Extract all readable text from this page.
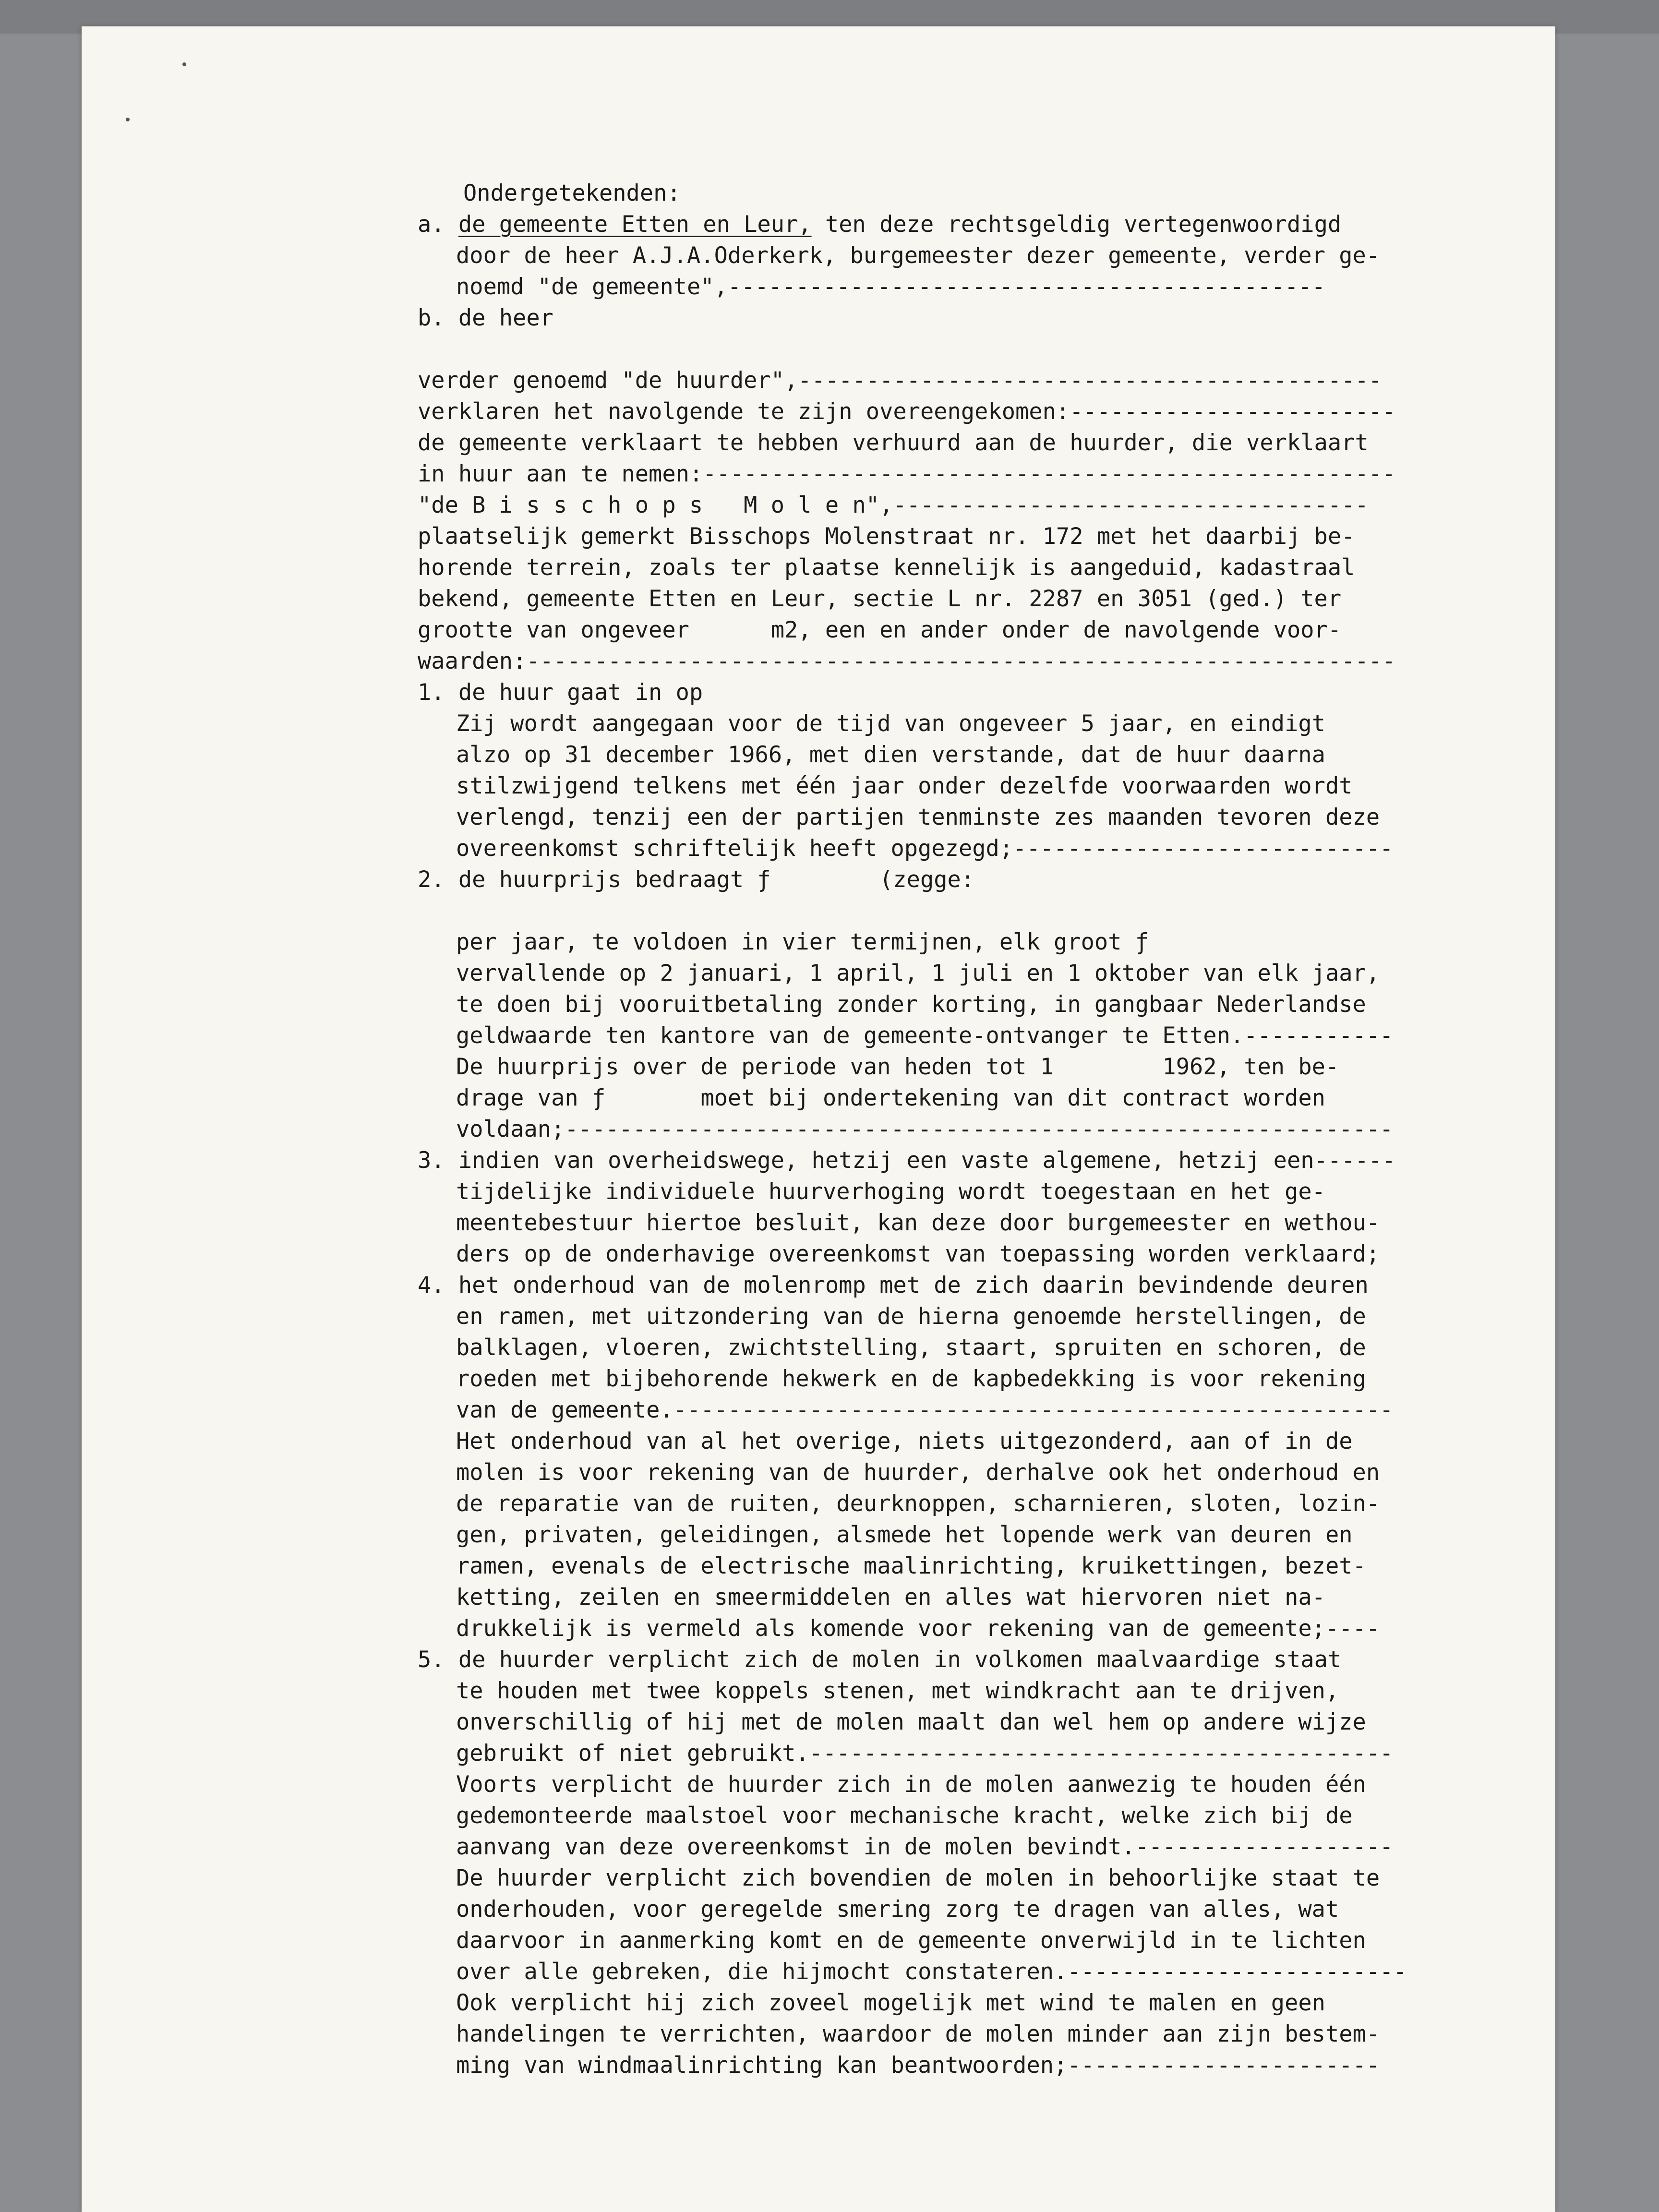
Ondergetekenden:
a. de gemeente Etten en Leur, ten deze rechtsgeldig vertegenwoordigd
door de heer A.J.A.Oderkerk, burgemeester dezer gemeente, verder ge-
noemd "de gemeente",--------------------------------------------
b. de heer
verder genoemd "de huurder",-------------------------------------------
verklaren het navolgende te zijn overeengekomen:------------------------
de gemeente verklaart te hebben verhuurd aan de huurder, die verklaart
in huur aan te nemen:---------------------------------------------------
"de B i s s c h o p s   M o l e n",-----------------------------------
plaatselijk gemerkt Bisschops Molenstraat nr. 172 met het daarbij be-
horende terrein, zoals ter plaatse kennelijk is aangeduid, kadastraal
bekend, gemeente Etten en Leur, sectie L nr. 2287 en 3051 (ged.) ter
grootte van ongeveer      m2, een en ander onder de navolgende voor-
waarden:----------------------------------------------------------------
1. de huur gaat in op
Zij wordt aangegaan voor de tijd van ongeveer 5 jaar, en eindigt
alzo op 31 december 1966, met dien verstande, dat de huur daarna
stilzwijgend telkens met één jaar onder dezelfde voorwaarden wordt
verlengd, tenzij een der partijen tenminste zes maanden tevoren deze
overeenkomst schriftelijk heeft opgezegd;----------------------------
2. de huurprijs bedraagt ƒ        (zegge:
per jaar, te voldoen in vier termijnen, elk groot ƒ
vervallende op 2 januari, 1 april, 1 juli en 1 oktober van elk jaar,
te doen bij vooruitbetaling zonder korting, in gangbaar Nederlandse
geldwaarde ten kantore van de gemeente-ontvanger te Etten.-----------
De huurprijs over de periode van heden tot 1        1962, ten be-
drage van ƒ       moet bij ondertekening van dit contract worden
voldaan;-------------------------------------------------------------
3. indien van overheidswege, hetzij een vaste algemene, hetzij een------
tijdelijke individuele huurverhoging wordt toegestaan en het ge-
meentebestuur hiertoe besluit, kan deze door burgemeester en wethou-
ders op de onderhavige overeenkomst van toepassing worden verklaard;
4. het onderhoud van de molenromp met de zich daarin bevindende deuren
en ramen, met uitzondering van de hierna genoemde herstellingen, de
balklagen, vloeren, zwichtstelling, staart, spruiten en schoren, de
roeden met bijbehorende hekwerk en de kapbedekking is voor rekening
van de gemeente.-----------------------------------------------------
Het onderhoud van al het overige, niets uitgezonderd, aan of in de
molen is voor rekening van de huurder, derhalve ook het onderhoud en
de reparatie van de ruiten, deurknoppen, scharnieren, sloten, lozin-
gen, privaten, geleidingen, alsmede het lopende werk van deuren en
ramen, evenals de electrische maalinrichting, kruikettingen, bezet-
ketting, zeilen en smeermiddelen en alles wat hiervoren niet na-
drukkelijk is vermeld als komende voor rekening van de gemeente;----
5. de huurder verplicht zich de molen in volkomen maalvaardige staat
te houden met twee koppels stenen, met windkracht aan te drijven,
onverschillig of hij met de molen maalt dan wel hem op andere wijze
gebruikt of niet gebruikt.-------------------------------------------
Voorts verplicht de huurder zich in de molen aanwezig te houden één
gedemonteerde maalstoel voor mechanische kracht, welke zich bij de
aanvang van deze overeenkomst in de molen bevindt.-------------------
De huurder verplicht zich bovendien de molen in behoorlijke staat te
onderhouden, voor geregelde smering zorg te dragen van alles, wat
daarvoor in aanmerking komt en de gemeente onverwijld in te lichten
over alle gebreken, die hijmocht constateren.-------------------------
Ook verplicht hij zich zoveel mogelijk met wind te malen en geen
handelingen te verrichten, waardoor de molen minder aan zijn bestem-
ming van windmaalinrichting kan beantwoorden;-----------------------
